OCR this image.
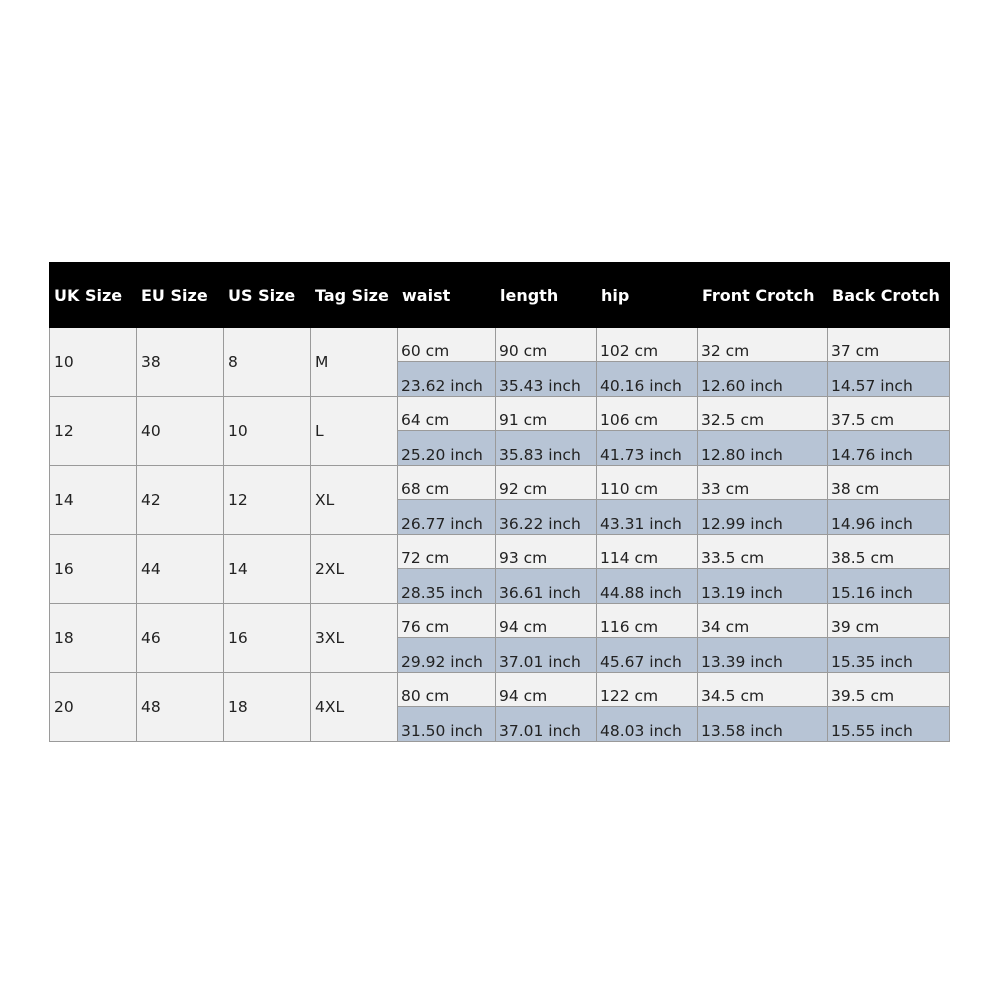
UK Size	EU Size	US Size	Tag Size	waist	length	hip	Front Crotch	Back Crotch
10	38	8	M	60 cm	90 cm	102 cm	32 cm	37 cm
				23.62 inch	35.43 inch	40.16 inch	12.60 inch	14.57 inch
12	40	10	L	64 cm	91 cm	106 cm	32.5 cm	37.5 cm
				25.20 inch	35.83 inch	41.73 inch	12.80 inch	14.76 inch
14	42	12	XL	68 cm	92 cm	110 cm	33 cm	38 cm
				26.77 inch	36.22 inch	43.31 inch	12.99 inch	14.96 inch
16	44	14	2XL	72 cm	93 cm	114 cm	33.5 cm	38.5 cm
				28.35 inch	36.61 inch	44.88 inch	13.19 inch	15.16 inch
18	46	16	3XL	76 cm	94 cm	116 cm	34 cm	39 cm
				29.92 inch	37.01 inch	45.67 inch	13.39 inch	15.35 inch
20	48	18	4XL	80 cm	94 cm	122 cm	34.5 cm	39.5 cm
				31.50 inch	37.01 inch	48.03 inch	13.58 inch	15.55 inch
